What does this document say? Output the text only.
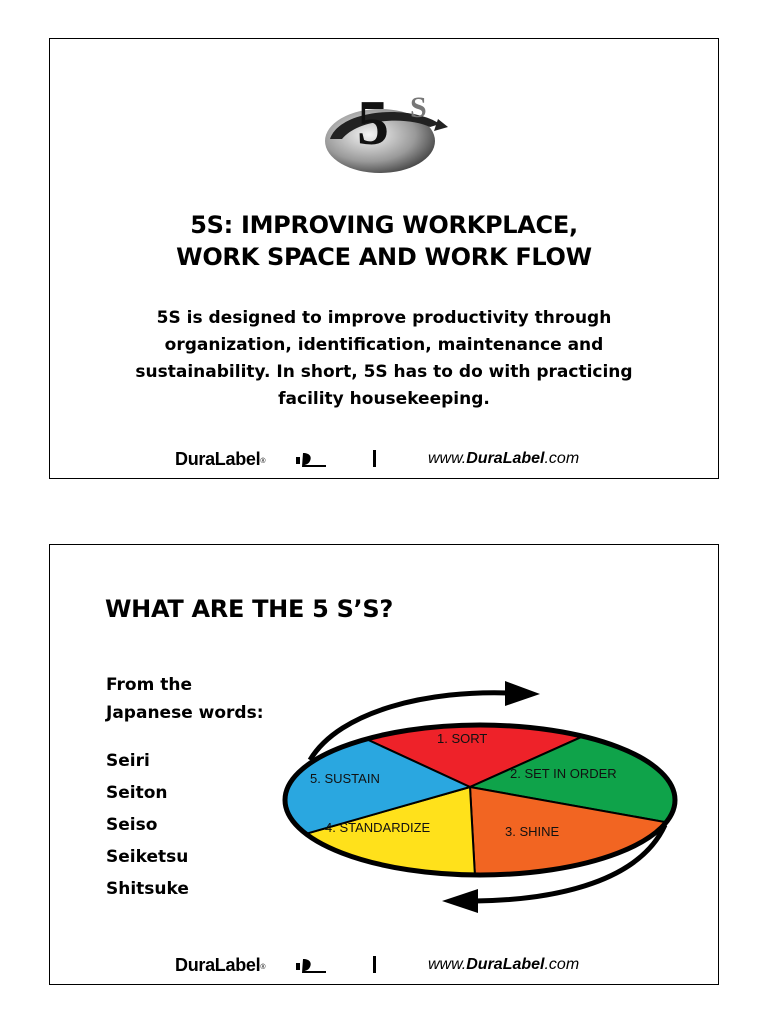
5 S
5S: IMPROVING WORKPLACE,
WORK SPACE AND WORK FLOW
5S is designed to improve productivity through
organization, identification, maintenance and
sustainability. In short, 5S has to do with practicing
facility housekeeping.
DuraLabel®	www.DuraLabel.com
WHAT ARE THE 5 S’S?
From the
Japanese words:
Seiri
Seiton
Seiso
Seiketsu
Shitsuke
1. SORT
2. SET IN ORDER
3. SHINE
4. STANDARDIZE
5. SUSTAIN
DuraLabel®	www.DuraLabel.com
